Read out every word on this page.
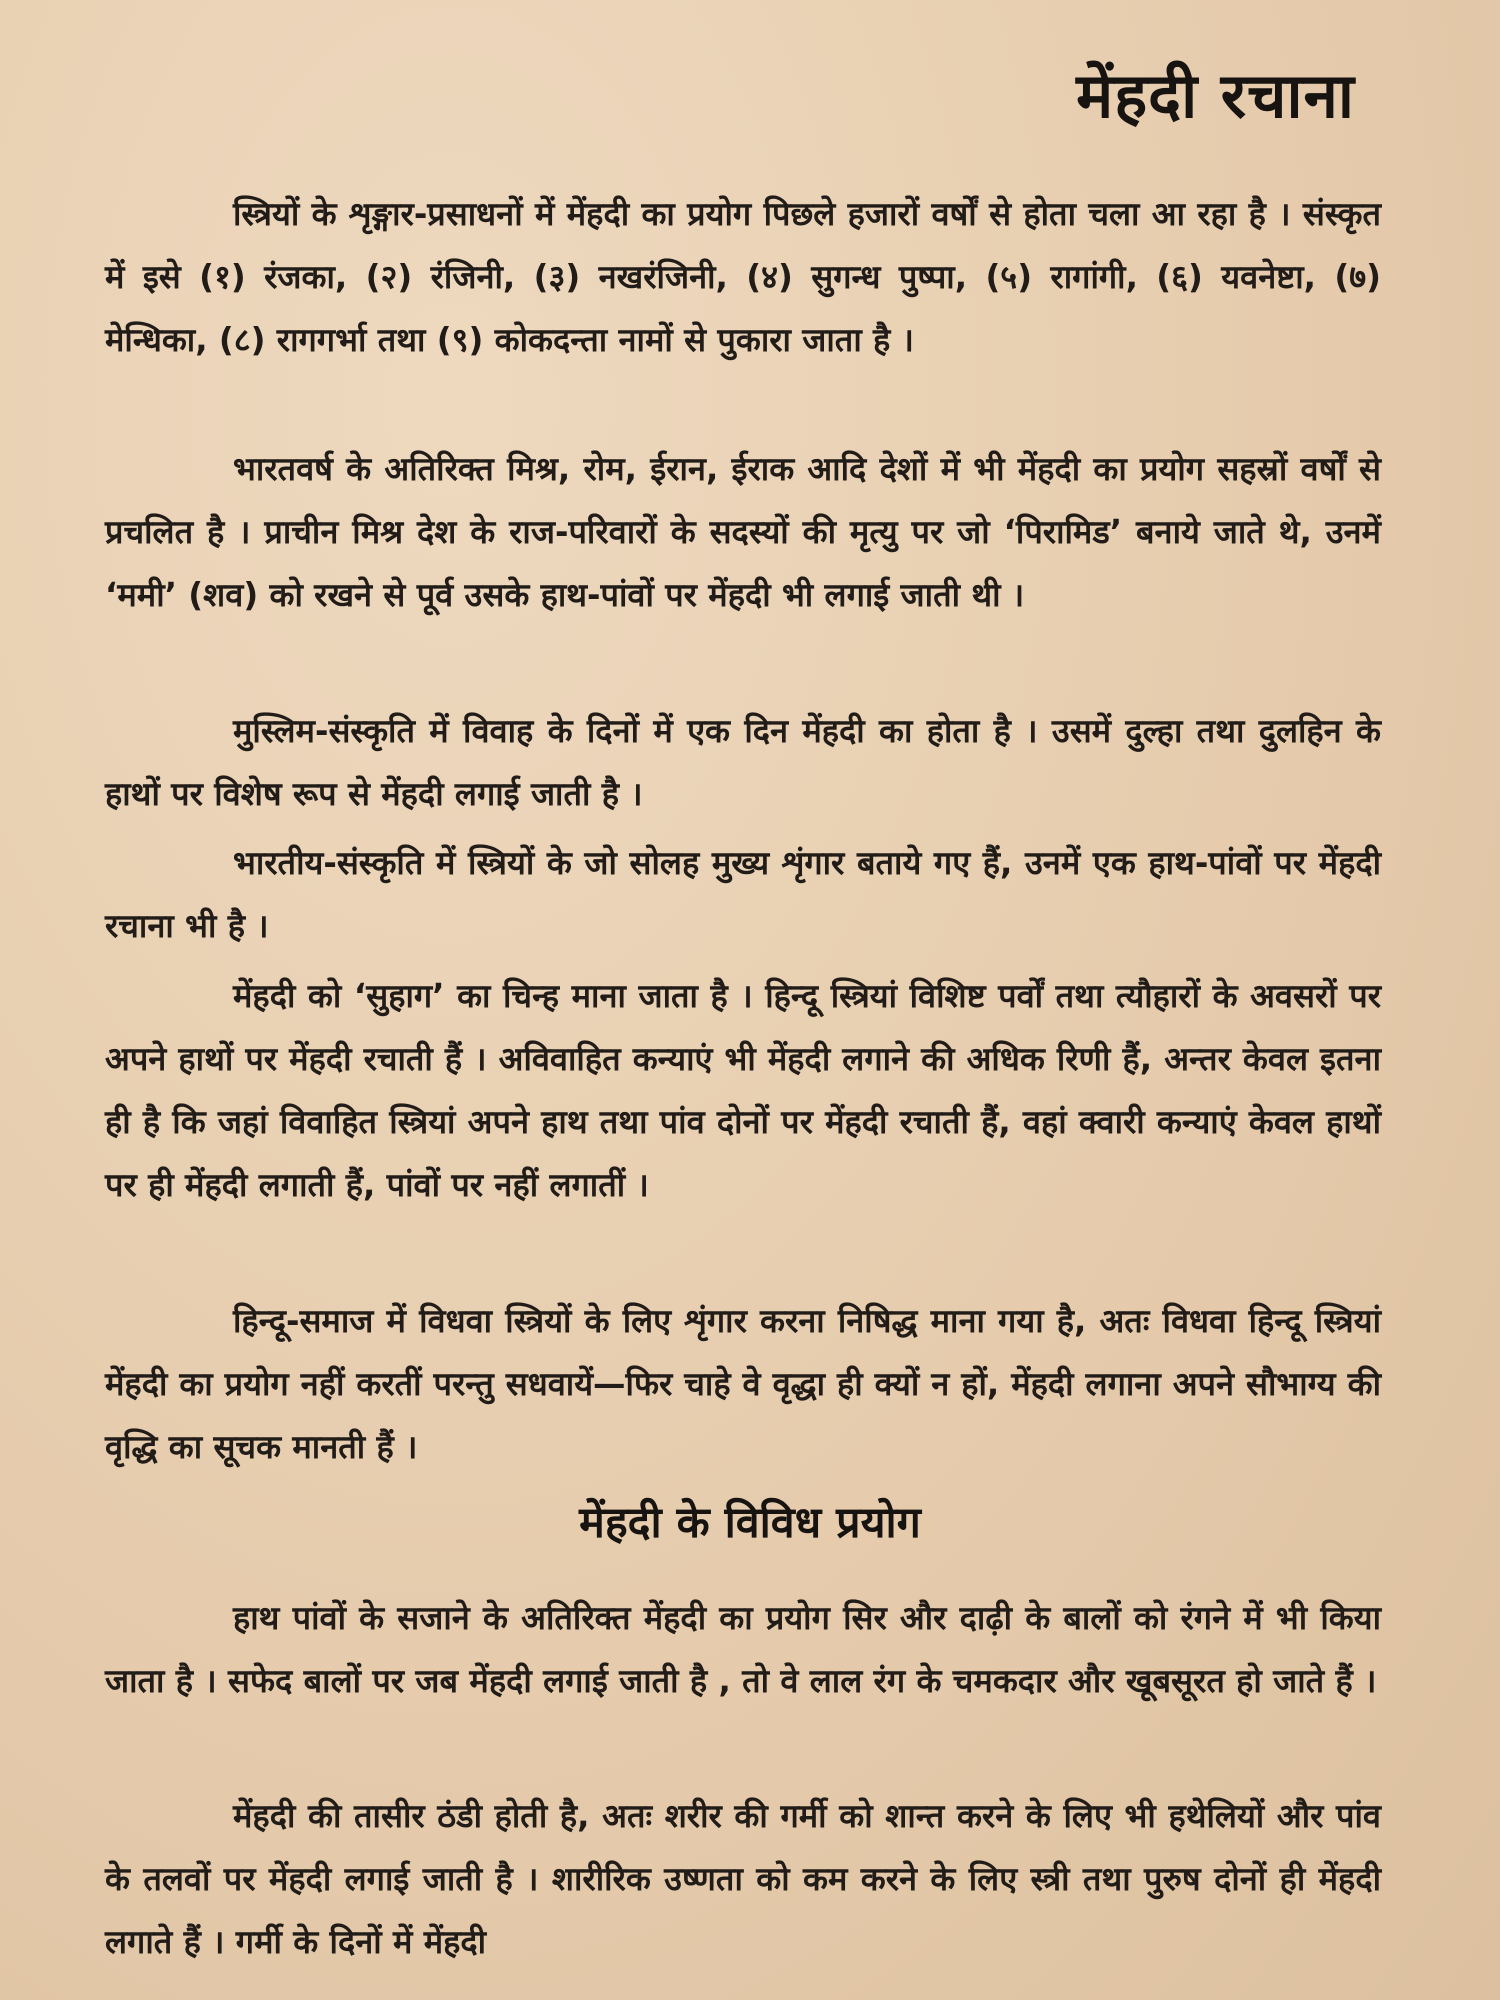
मेंहदी रचाना

स्त्रियों के शृङ्गार-प्रसाधनों में मेंहदी का प्रयोग पिछले हजारों वर्षों से होता चला आ रहा है । संस्कृत में इसे (१) रंजका, (२) रंजिनी, (३) नखरंजिनी, (४) सुगन्ध पुष्पा, (५) रागांगी, (६) यवनेष्टा, (७) मेन्धिका, (८) रागगर्भा तथा (९) कोकदन्ता नामों से पुकारा जाता है ।

भारतवर्ष के अतिरिक्त मिश्र, रोम, ईरान, ईराक आदि देशों में भी मेंहदी का प्रयोग सहस्रों वर्षों से प्रचलित है । प्राचीन मिश्र देश के राज-परिवारों के सदस्यों की मृत्यु पर जो ‘पिरामिड’ बनाये जाते थे, उनमें ‘ममी’ (शव) को रखने से पूर्व उसके हाथ-पांवों पर मेंहदी भी लगाई जाती थी ।

मुस्लिम-संस्कृति में विवाह के दिनों में एक दिन मेंहदी का होता है । उसमें दुल्हा तथा दुलहिन के हाथों पर विशेष रूप से मेंहदी लगाई जाती है ।

भारतीय-संस्कृति में स्त्रियों के जो सोलह मुख्य शृंगार बताये गए हैं, उनमें एक हाथ-पांवों पर मेंहदी रचाना भी है ।

मेंहदी को ‘सुहाग’ का चिन्ह माना जाता है । हिन्दू स्त्रियां विशिष्ट पर्वों तथा त्यौहारों के अवसरों पर अपने हाथों पर मेंहदी रचाती हैं । अविवाहित कन्याएं भी मेंहदी लगाने की अधिक रिणी हैं, अन्तर केवल इतना ही है कि जहां विवाहित स्त्रियां अपने हाथ तथा पांव दोनों पर मेंहदी रचाती हैं, वहां क्वारी कन्याएं केवल हाथों पर ही मेंहदी लगाती हैं, पांवों पर नहीं लगातीं ।

हिन्दू-समाज में विधवा स्त्रियों के लिए शृंगार करना निषिद्ध माना गया है, अतः विधवा हिन्दू स्त्रियां मेंहदी का प्रयोग नहीं करतीं परन्तु सधवायें—फिर चाहे वे वृद्धा ही क्यों न हों, मेंहदी लगाना अपने सौभाग्य की वृद्धि का सूचक मानती हैं ।

मेंहदी के विविध प्रयोग

हाथ पांवों के सजाने के अतिरिक्त मेंहदी का प्रयोग सिर और दाढ़ी के बालों को रंगने में भी किया जाता है । सफेद बालों पर जब मेंहदी लगाई जाती है , तो वे लाल रंग के चमकदार और खूबसूरत हो जाते हैं ।

मेंहदी की तासीर ठंडी होती है, अतः शरीर की गर्मी को शान्त करने के लिए भी हथेलियों और पांव के तलवों पर मेंहदी लगाई जाती है । शारीरिक उष्णता को कम करने के लिए स्त्री तथा पुरुष दोनों ही मेंहदी लगाते हैं । गर्मी के दिनों में मेंहदी
